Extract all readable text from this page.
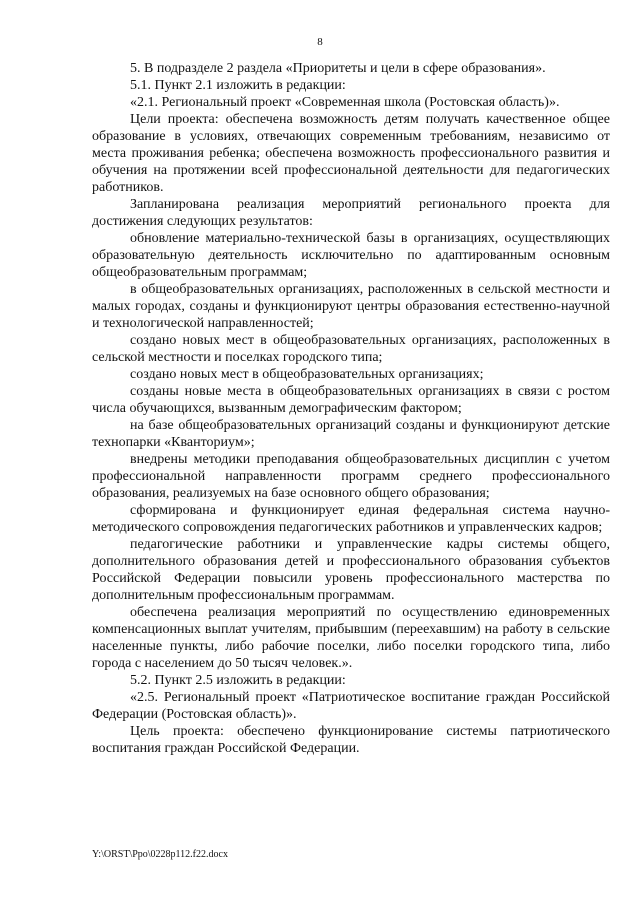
8

5. В подразделе 2 раздела «Приоритеты и цели в сфере образования».

5.1. Пункт 2.1 изложить в редакции:

«2.1. Региональный проект «Современная школа (Ростовская область)».

Цели проекта: обеспечена возможность детям получать качественное общее образование в условиях, отвечающих современным требованиям, независимо от места проживания ребенка; обеспечена возможность профессионального развития и обучения на протяжении всей профессиональной деятельности для педагогических работников.

Запланирована реализация мероприятий регионального проекта для достижения следующих результатов:

обновление материально-технической базы в организациях, осуществляющих образовательную деятельность исключительно по адаптированным основным общеобразовательным программам;

в общеобразовательных организациях, расположенных в сельской местности и малых городах, созданы и функционируют центры образования естественно-научной и технологической направленностей;

создано новых мест в общеобразовательных организациях, расположенных в сельской местности и поселках городского типа;

создано новых мест в общеобразовательных организациях;

созданы новые места в общеобразовательных организациях в связи с ростом числа обучающихся, вызванным демографическим фактором;

на базе общеобразовательных организаций созданы и функционируют детские технопарки «Кванториум»;

внедрены методики преподавания общеобразовательных дисциплин с учетом профессиональной направленности программ среднего профессионального образования, реализуемых на базе основного общего образования;

сформирована и функционирует единая федеральная система научно-методического сопровождения педагогических работников и управленческих кадров;

педагогические работники и управленческие кадры системы общего, дополнительного образования детей и профессионального образования субъектов Российской Федерации повысили уровень профессионального мастерства по дополнительным профессиональным программам.

обеспечена реализация мероприятий по осуществлению единовременных компенсационных выплат учителям, прибывшим (переехавшим) на работу в сельские населенные пункты, либо рабочие поселки, либо поселки городского типа, либо города с населением до 50 тысяч человек.».

5.2. Пункт 2.5 изложить в редакции:

«2.5. Региональный проект «Патриотическое воспитание граждан Российской Федерации (Ростовская область)».

Цель проекта: обеспечено функционирование системы патриотического воспитания граждан Российской Федерации.

Y:\ORST\Ppo\0228p112.f22.docx
